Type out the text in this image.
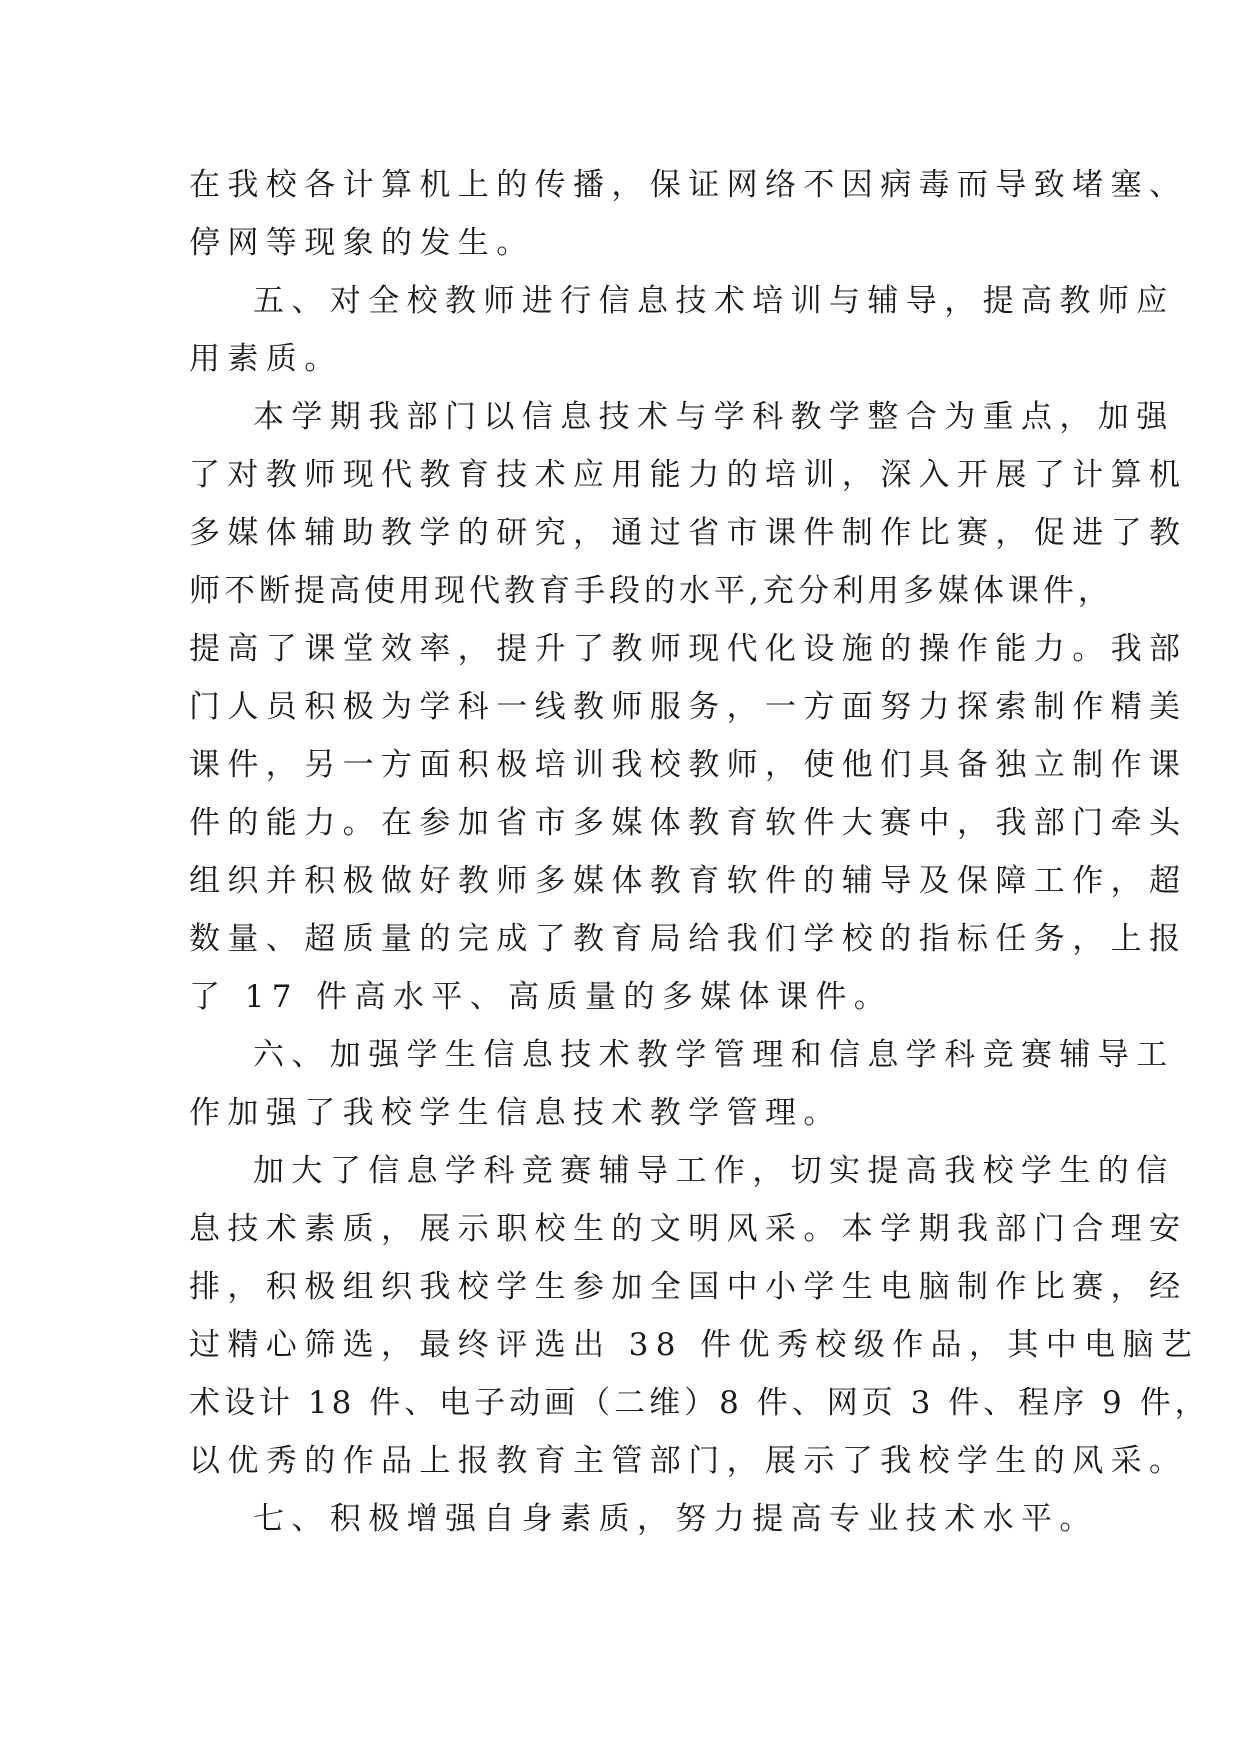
在我校各计算机上的传播，保证网络不因病毒而导致堵塞、
停网等现象的发生。
五、对全校教师进行信息技术培训与辅导，提高教师应
用素质。
本学期我部门以信息技术与学科教学整合为重点，加强
了对教师现代教育技术应用能力的培训，深入开展了计算机
多媒体辅助教学的研究，通过省市课件制作比赛，促进了教
师不断提高使用现代教育手段的水平,充分利用多媒体课件，
提高了课堂效率，提升了教师现代化设施的操作能力。我部
门人员积极为学科一线教师服务，一方面努力探索制作精美
课件，另一方面积极培训我校教师，使他们具备独立制作课
件的能力。在参加省市多媒体教育软件大赛中，我部门牵头
组织并积极做好教师多媒体教育软件的辅导及保障工作，超
数量、超质量的完成了教育局给我们学校的指标任务，上报
了 17 件高水平、高质量的多媒体课件。
六、加强学生信息技术教学管理和信息学科竞赛辅导工
作加强了我校学生信息技术教学管理。
加大了信息学科竞赛辅导工作，切实提高我校学生的信
息技术素质，展示职校生的文明风采。本学期我部门合理安
排，积极组织我校学生参加全国中小学生电脑制作比赛，经
过精心筛选，最终评选出 38 件优秀校级作品，其中电脑艺
术设计 18 件、电子动画（二维）8 件、网页 3 件、程序 9 件，
以优秀的作品上报教育主管部门，展示了我校学生的风采。
七、积极增强自身素质，努力提高专业技术水平。
